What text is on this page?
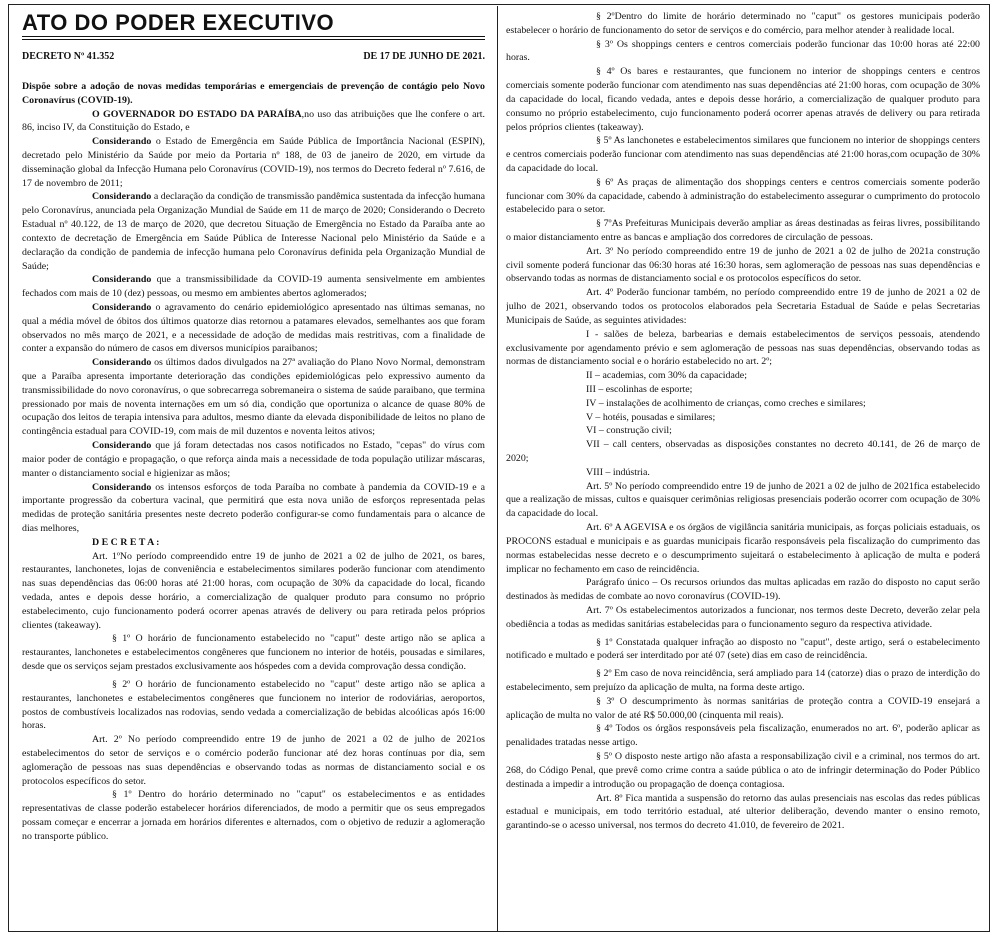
ATO DO PODER EXECUTIVO
DECRETO Nº 41.352	DE 17 DE JUNHO DE 2021.

Dispõe sobre a adoção de novas medidas temporárias e emergenciais de prevenção de contágio pelo Novo Coronavírus (COVID-19).

O GOVERNADOR DO ESTADO DA PARAÍBA,no uso das atribuições que lhe confere o art. 86, inciso IV, da Constituição do Estado, e

Considerando o Estado de Emergência em Saúde Pública de Importância Nacional (ESPIN), decretado pelo Ministério da Saúde por meio da Portaria nº 188, de 03 de janeiro de 2020, em virtude da disseminação global da Infecção Humana pelo Coronavírus (COVID-19), nos termos do Decreto federal nº 7.616, de 17 de novembro de 2011;

Considerando a declaração da condição de transmissão pandêmica sustentada da infecção humana pelo Coronavírus, anunciada pela Organização Mundial de Saúde em 11 de março de 2020; Considerando o Decreto Estadual nº 40.122, de 13 de março de 2020, que decretou Situação de Emergência no Estado da Paraíba ante ao contexto de decretação de Emergência em Saúde Pública de Interesse Nacional pelo Ministério da Saúde e a declaração da condição de pandemia de infecção humana pelo Coronavírus definida pela Organização Mundial de Saúde;

Considerando que a transmissibilidade da COVID-19 aumenta sensivelmente em ambientes fechados com mais de 10 (dez) pessoas, ou mesmo em ambientes abertos aglomerados;

Considerando o agravamento do cenário epidemiológico apresentado nas últimas semanas, no qual a média móvel de óbitos dos últimos quatorze dias retornou a patamares elevados, semelhantes aos que foram observados no mês março de 2021, e a necessidade de adoção de medidas mais restritivas, com a finalidade de conter a expansão do número de casos em diversos municípios paraibanos;

Considerando os últimos dados divulgados na 27ª avaliação do Plano Novo Normal, demonstram que a Paraíba apresenta importante deterioração das condições epidemiológicas pelo expressivo aumento da transmissibilidade do novo coronavírus, o que sobrecarrega sobremaneira o sistema de saúde paraibano, que termina pressionado por mais de noventa internações em um só dia, condição que oportuniza o alcance de quase 80% de ocupação dos leitos de terapia intensiva para adultos, mesmo diante da elevada disponibilidade de leitos no plano de contingência estadual para COVID-19, com mais de mil duzentos e noventa leitos ativos;

Considerando que já foram detectadas nos casos notificados no Estado, "cepas" do vírus com maior poder de contágio e propagação, o que reforça ainda mais a necessidade de toda população utilizar máscaras, manter o distanciamento social e higienizar as mãos;

Considerando os intensos esforços de toda Paraíba no combate à pandemia da COVID-19 e a importante progressão da cobertura vacinal, que permitirá que esta nova união de esforços representada pelas medidas de proteção sanitária presentes neste decreto poderão configurar-se como fundamentais para o alcance de dias melhores,

D E C R E T A :

Art. 1ºNo período compreendido entre 19 de junho de 2021 a 02 de julho de 2021, os bares, restaurantes, lanchonetes, lojas de conveniência e estabelecimentos similares poderão funcionar com atendimento nas suas dependências das 06:00 horas até 21:00 horas, com ocupação de 30% da capacidade do local, ficando vedada, antes e depois desse horário, a comercialização de qualquer produto para consumo no próprio estabelecimento, cujo funcionamento poderá ocorrer apenas através de delivery ou para retirada pelos próprios clientes (takeaway).

§ 1º O horário de funcionamento estabelecido no "caput" deste artigo não se aplica a restaurantes, lanchonetes e estabelecimentos congêneres que funcionem no interior de hotéis, pousadas e similares, desde que os serviços sejam prestados exclusivamente aos hóspedes com a devida comprovação dessa condição.

§ 2º O horário de funcionamento estabelecido no "caput" deste artigo não se aplica a restaurantes, lanchonetes e estabelecimentos congêneres que funcionem no interior de rodoviárias, aeroportos, postos de combustíveis localizados nas rodovias, sendo vedada a comercialização de bebidas alcoólicas após 16:00 horas.

Art. 2º No período compreendido entre 19 de junho de 2021 a 02 de julho de 2021os estabelecimentos do setor de serviços e o comércio poderão funcionar até dez horas contínuas por dia, sem aglomeração de pessoas nas suas dependências e observando todas as normas de distanciamento social e os protocolos específicos do setor.

§ 1º Dentro do horário determinado no "caput" os estabelecimentos e as entidades representativas de classe poderão estabelecer horários diferenciados, de modo a permitir que os seus empregados possam começar e encerrar a jornada em horários diferentes e alternados, com o objetivo de reduzir a aglomeração no transporte público.

§ 2ºDentro do limite de horário determinado no "caput" os gestores municipais poderão estabelecer o horário de funcionamento do setor de serviços e do comércio, para melhor atender à realidade local.

§ 3º Os shoppings centers e centros comerciais poderão funcionar das 10:00 horas até 22:00 horas.

§ 4º Os bares e restaurantes, que funcionem no interior de shoppings centers e centros comerciais somente poderão funcionar com atendimento nas suas dependências até 21:00 horas, com ocupação de 30% da capacidade do local, ficando vedada, antes e depois desse horário, a comercialização de qualquer produto para consumo no próprio estabelecimento, cujo funcionamento poderá ocorrer apenas através de delivery ou para retirada pelos próprios clientes (takeaway).

§ 5º As lanchonetes e estabelecimentos similares que funcionem no interior de shoppings centers e centros comerciais poderão funcionar com atendimento nas suas dependências até 21:00 horas,com ocupação de 30% da capacidade do local.

§ 6º As praças de alimentação dos shoppings centers e centros comerciais somente poderão funcionar com 30% da capacidade, cabendo à administração do estabelecimento assegurar o cumprimento do protocolo estabelecido para o setor.

§ 7ºAs Prefeituras Municipais deverão ampliar as áreas destinadas as feiras livres, possibilitando o maior distanciamento entre as bancas e ampliação dos corredores de circulação de pessoas.

Art. 3º No período compreendido entre 19 de junho de 2021 a 02 de julho de 2021a construção civil somente poderá funcionar das 06:30 horas até 16:30 horas, sem aglomeração de pessoas nas suas dependências e observando todas as normas de distanciamento social e os protocolos específicos do setor.

Art. 4º Poderão funcionar também, no período compreendido entre 19 de junho de 2021 a 02 de julho de 2021, observando todos os protocolos elaborados pela Secretaria Estadual de Saúde e pelas Secretarias Municipais de Saúde, as seguintes atividades:

I - salões de beleza, barbearias e demais estabelecimentos de serviços pessoais, atendendo exclusivamente por agendamento prévio e sem aglomeração de pessoas nas suas dependências, observando todas as normas de distanciamento social e o horário estabelecido no art. 2º;

II – academias, com 30% da capacidade;

III – escolinhas de esporte;

IV – instalações de acolhimento de crianças, como creches e similares;

V – hotéis, pousadas e similares;

VI – construção civil;

VII – call centers, observadas as disposições constantes no decreto 40.141, de 26 de março de 2020;

VIII – indústria.

Art. 5º No período compreendido entre 19 de junho de 2021 a 02 de julho de 2021fica estabelecido que a realização de missas, cultos e quaisquer cerimônias religiosas presenciais poderão ocorrer com ocupação de 30% da capacidade do local.

Art. 6º A AGEVISA e os órgãos de vigilância sanitária municipais, as forças policiais estaduais, os PROCONS estadual e municipais e as guardas municipais ficarão responsáveis pela fiscalização do cumprimento das normas estabelecidas nesse decreto e o descumprimento sujeitará o estabelecimento à aplicação de multa e poderá implicar no fechamento em caso de reincidência.

Parágrafo único – Os recursos oriundos das multas aplicadas em razão do disposto no caput serão destinados às medidas de combate ao novo coronavírus (COVID-19).

Art. 7º Os estabelecimentos autorizados a funcionar, nos termos deste Decreto, deverão zelar pela obediência a todas as medidas sanitárias estabelecidas para o funcionamento seguro da respectiva atividade.

§ 1º Constatada qualquer infração ao disposto no "caput", deste artigo, será o estabelecimento notificado e multado e poderá ser interditado por até 07 (sete) dias em caso de reincidência.

§ 2º Em caso de nova reincidência, será ampliado para 14 (catorze) dias o prazo de interdição do estabelecimento, sem prejuízo da aplicação de multa, na forma deste artigo.

§ 3º O descumprimento às normas sanitárias de proteção contra a COVID-19 ensejará a aplicação de multa no valor de até R$ 50.000,00 (cinquenta mil reais).

§ 4º Todos os órgãos responsáveis pela fiscalização, enumerados no art. 6º, poderão aplicar as penalidades tratadas nesse artigo.

§ 5º O disposto neste artigo não afasta a responsabilização civil e a criminal, nos termos do art. 268, do Código Penal, que prevê como crime contra a saúde pública o ato de infringir determinação do Poder Público destinada a impedir a introdução ou propagação de doença contagiosa.

Art. 8º Fica mantida a suspensão do retorno das aulas presenciais nas escolas das redes públicas estadual e municipais, em todo território estadual, até ulterior deliberação, devendo manter o ensino remoto, garantindo-se o acesso universal, nos termos do decreto 41.010, de fevereiro de 2021.
